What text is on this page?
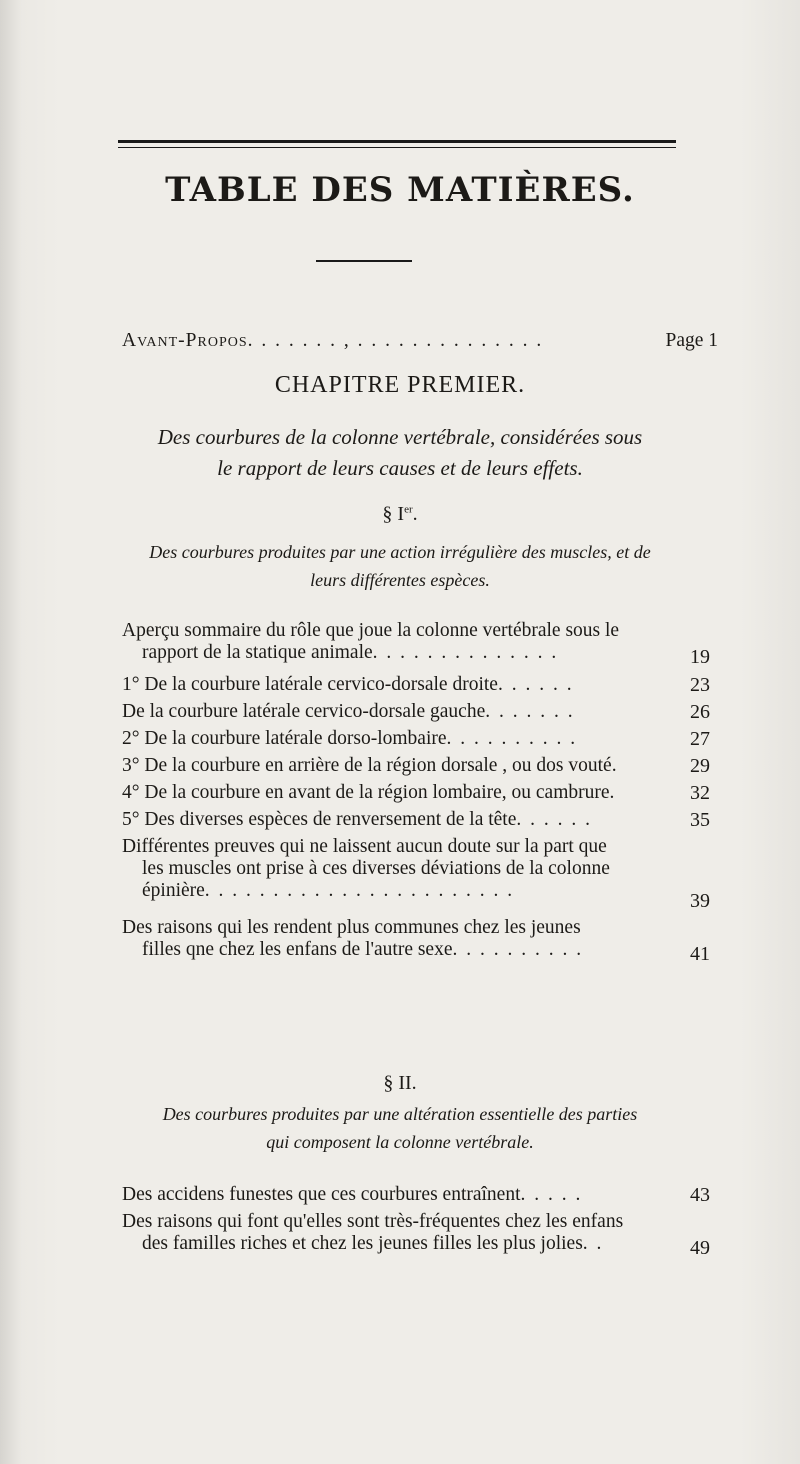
TABLE DES MATIÈRES.
Avant-Propos. . . . . . . , . . . . . . . . . . . . . .	Page 1
CHAPITRE PREMIER.
Des courbures de la colonne vertébrale, considérées sous
le rapport de leurs causes et de leurs effets.
§ Ier.
Des courbures produites par une action irrégulière des muscles, et de
leurs différentes espèces.
Aperçu sommaire du rôle que joue la colonne vertébrale sous le
rapport de la statique animale. . . . . . . . . . . . . .	19
1° De la courbure latérale cervico-dorsale droite. . . . . .	23
De la courbure latérale cervico-dorsale gauche. . . . . . .	26
2° De la courbure latérale dorso-lombaire. . . . . . . . . .	27
3° De la courbure en arrière de la région dorsale , ou dos vouté.	29
4° De la courbure en avant de la région lombaire, ou cambrure.	32
5° Des diverses espèces de renversement de la tête. . . . . .	35
Différentes preuves qui ne laissent aucun doute sur la part que
les muscles ont prise à ces diverses déviations de la colonne
épinière. . . . . . . . . . . . . . . . . . . . . . .	39
Des raisons qui les rendent plus communes chez les jeunes
filles qne chez les enfans de l'autre sexe. . . . . . . . . .	41
§ II.
Des courbures produites par une altération essentielle des parties
qui composent la colonne vertébrale.
Des accidens funestes que ces courbures entraînent. . . . .	43
Des raisons qui font qu'elles sont très-fréquentes chez les enfans
des familles riches et chez les jeunes filles les plus jolies. .	49
